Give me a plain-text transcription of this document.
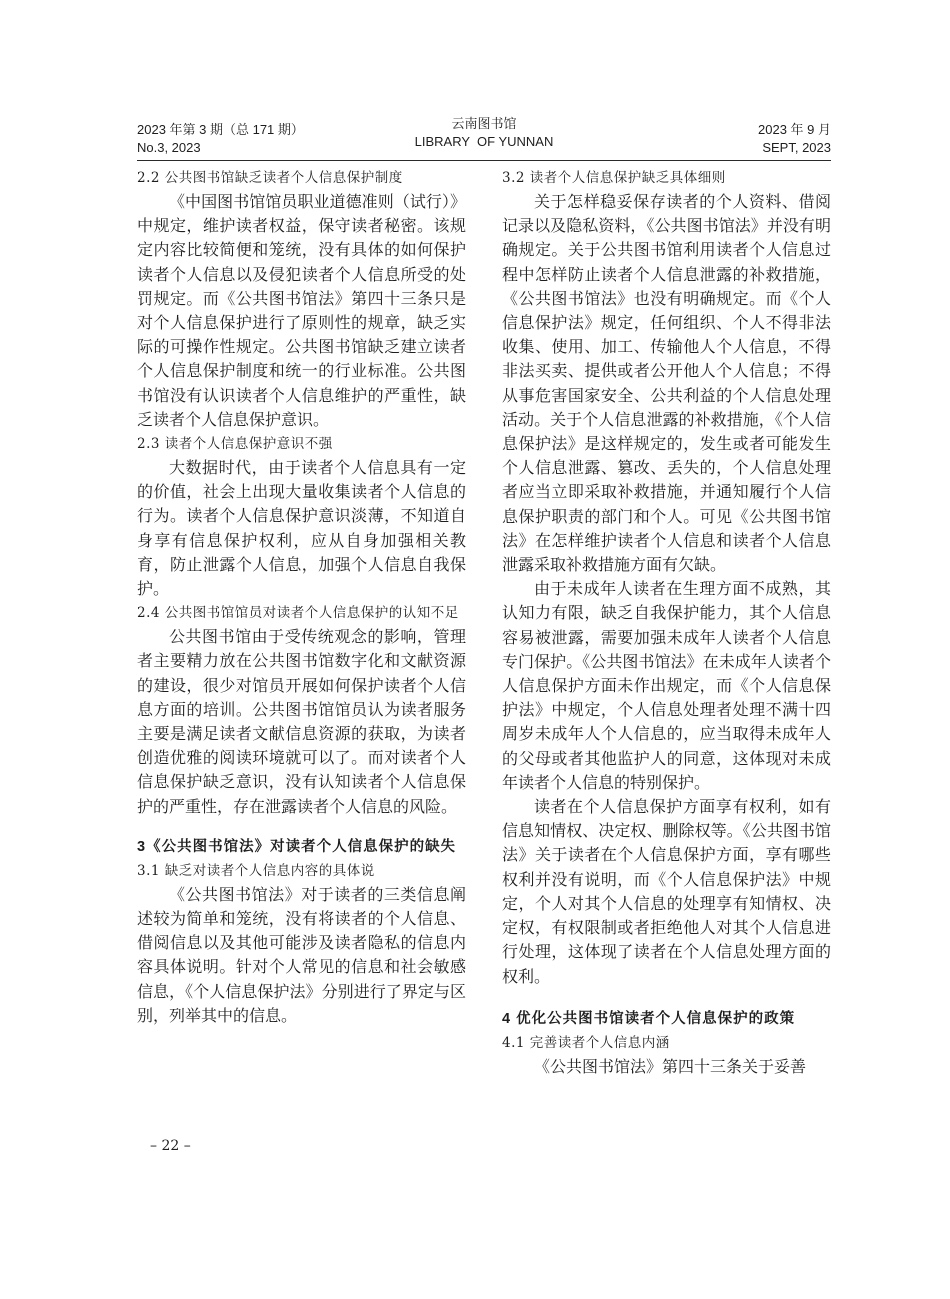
2023 年第 3 期（总 171 期）
No.3, 2023
云南图书馆
LIBRARY  OF YUNNAN
2023 年 9 月
SEPT, 2023

2.2 公共图书馆缺乏读者个人信息保护制度

《中国图书馆馆员职业道德准则（试行）》中规定，维护读者权益，保守读者秘密。该规定内容比较简便和笼统，没有具体的如何保护读者个人信息以及侵犯读者个人信息所受的处罚规定。而《公共图书馆法》第四十三条只是对个人信息保护进行了原则性的规章，缺乏实际的可操作性规定。公共图书馆缺乏建立读者个人信息保护制度和统一的行业标准。公共图书馆没有认识读者个人信息维护的严重性，缺乏读者个人信息保护意识。

2.3 读者个人信息保护意识不强

大数据时代，由于读者个人信息具有一定的价值，社会上出现大量收集读者个人信息的行为。读者个人信息保护意识淡薄，不知道自身享有信息保护权利，应从自身加强相关教育，防止泄露个人信息，加强个人信息自我保护。

2.4 公共图书馆馆员对读者个人信息保护的认知不足

公共图书馆由于受传统观念的影响，管理者主要精力放在公共图书馆数字化和文献资源的建设，很少对馆员开展如何保护读者个人信息方面的培训。公共图书馆馆员认为读者服务主要是满足读者文献信息资源的获取，为读者创造优雅的阅读环境就可以了。而对读者个人信息保护缺乏意识，没有认知读者个人信息保护的严重性，存在泄露读者个人信息的风险。

3《公共图书馆法》对读者个人信息保护的缺失

3.1 缺乏对读者个人信息内容的具体说

《公共图书馆法》对于读者的三类信息阐述较为简单和笼统，没有将读者的个人信息、借阅信息以及其他可能涉及读者隐私的信息内容具体说明。针对个人常见的信息和社会敏感信息，《个人信息保护法》分别进行了界定与区别，列举其中的信息。

3.2 读者个人信息保护缺乏具体细则

关于怎样稳妥保存读者的个人资料、借阅记录以及隐私资料，《公共图书馆法》并没有明确规定。关于公共图书馆利用读者个人信息过程中怎样防止读者个人信息泄露的补救措施，《公共图书馆法》也没有明确规定。而《个人信息保护法》规定，任何组织、个人不得非法收集、使用、加工、传输他人个人信息，不得非法买卖、提供或者公开他人个人信息；不得从事危害国家安全、公共利益的个人信息处理活动。关于个人信息泄露的补救措施，《个人信息保护法》是这样规定的，发生或者可能发生个人信息泄露、篡改、丢失的，个人信息处理者应当立即采取补救措施，并通知履行个人信息保护职责的部门和个人。可见《公共图书馆法》在怎样维护读者个人信息和读者个人信息泄露采取补救措施方面有欠缺。

由于未成年人读者在生理方面不成熟，其认知力有限，缺乏自我保护能力，其个人信息容易被泄露，需要加强未成年人读者个人信息专门保护。《公共图书馆法》在未成年人读者个人信息保护方面未作出规定，而《个人信息保护法》中规定，个人信息处理者处理不满十四周岁未成年人个人信息的，应当取得未成年人的父母或者其他监护人的同意，这体现对未成年读者个人信息的特别保护。

读者在个人信息保护方面享有权利，如有信息知情权、决定权、删除权等。《公共图书馆法》关于读者在个人信息保护方面，享有哪些权利并没有说明，而《个人信息保护法》中规定，个人对其个人信息的处理享有知情权、决定权，有权限制或者拒绝他人对其个人信息进行处理，这体现了读者在个人信息处理方面的权利。

4 优化公共图书馆读者个人信息保护的政策

4.1 完善读者个人信息内涵

《公共图书馆法》第四十三条关于妥善

– 22 –
